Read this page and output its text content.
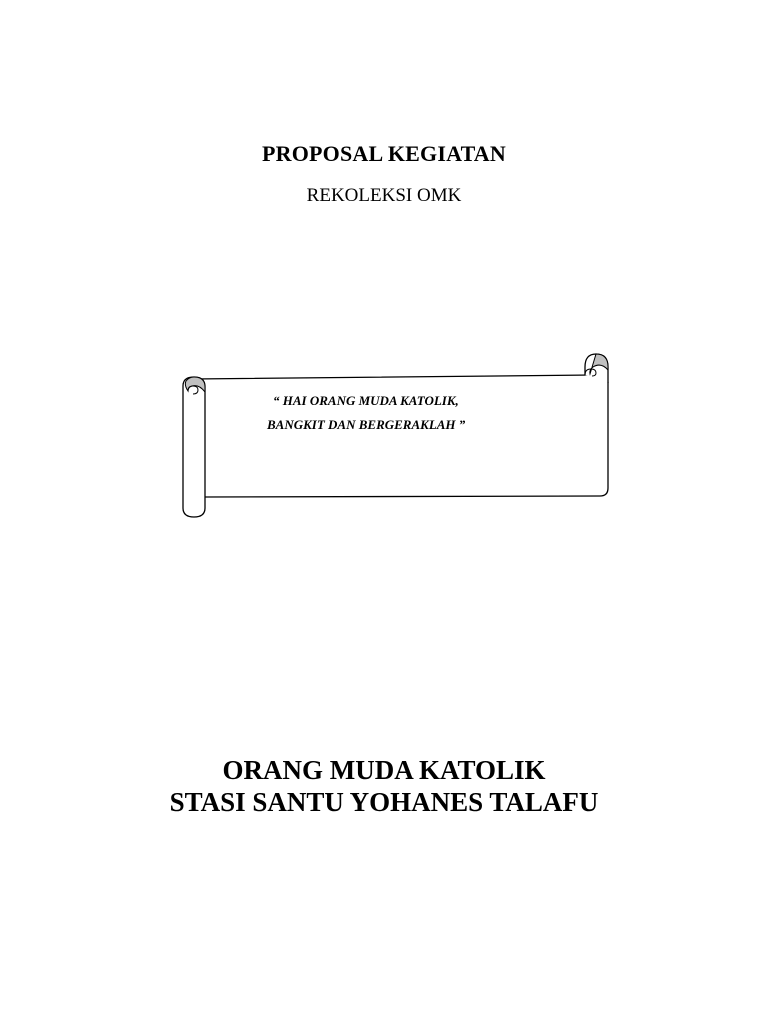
PROPOSAL KEGIATAN
REKOLEKSI OMK
“ HAI ORANG MUDA KATOLIK,
BANGKIT DAN BERGERAKLAH ”
ORANG MUDA KATOLIK
STASI SANTU YOHANES TALAFU
